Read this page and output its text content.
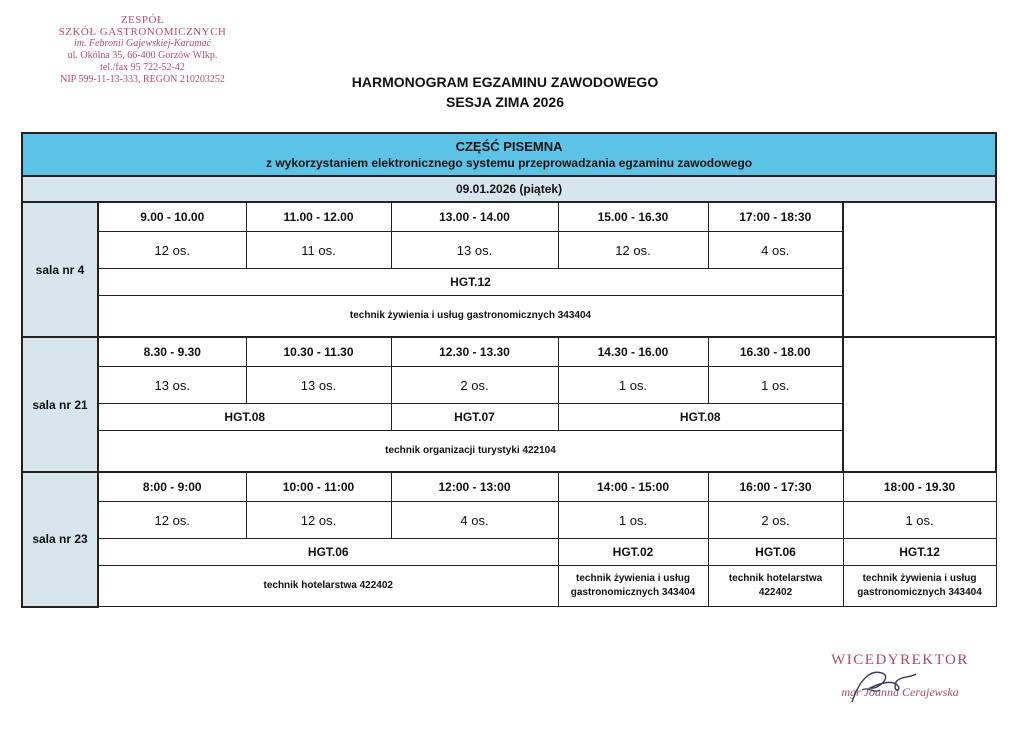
ZESPÓŁ
SZKÓŁ GASTRONOMICZNYCH
im. Febronii Gajewskiej-Karamać
ul. Okólna 35, 66-400 Gorzów Wlkp.
tel./fax 95 722-52-42
NIP 599-11-13-333, REGON 210203252	HARMONOGRAM EGZAMINU ZAWODOWEGO
SESJA ZIMA 2026
CZĘŚĆ PISEMNA
z wykorzystaniem elektronicznego systemu przeprowadzania egzaminu zawodowego						

09.01.2026 (piątek)						
sala nr 4	9.00 - 10.00	11.00 - 12.00	13.00 - 14.00	15.00 - 16.30	17:00 - 18:30	
	12 os.	11 os.	13 os.	12 os.	4 os.	
	HGT.12					
	technik żywienia i usług gastronomicznych 343404					
sala nr 21	8.30 - 9.30	10.30 - 11.30	12.30 - 13.30	14.30 - 16.00	16.30 - 18.00	
	13 os.	13 os.	2 os.	1 os.	1 os.	
	HGT.08		HGT.07	HGT.08		
	technik organizacji turystyki 422104					
sala nr 23	8:00 - 9:00	10:00 - 11:00	12:00 - 13:00	14:00 - 15:00	16:00 - 17:30	18:00 - 19.30
	12 os.	12 os.	4 os.	1 os.	2 os.	1 os.
	HGT.06			HGT.02	HGT.06	HGT.12
	technik hotelarstwa 422402			technik żywienia i usług gastronomicznych 343404	technik hotelarstwa 422402	technik żywienia i usług gastronomicznych 343404
WICEDYREKTOR
mgr Joanna Cerajewska
